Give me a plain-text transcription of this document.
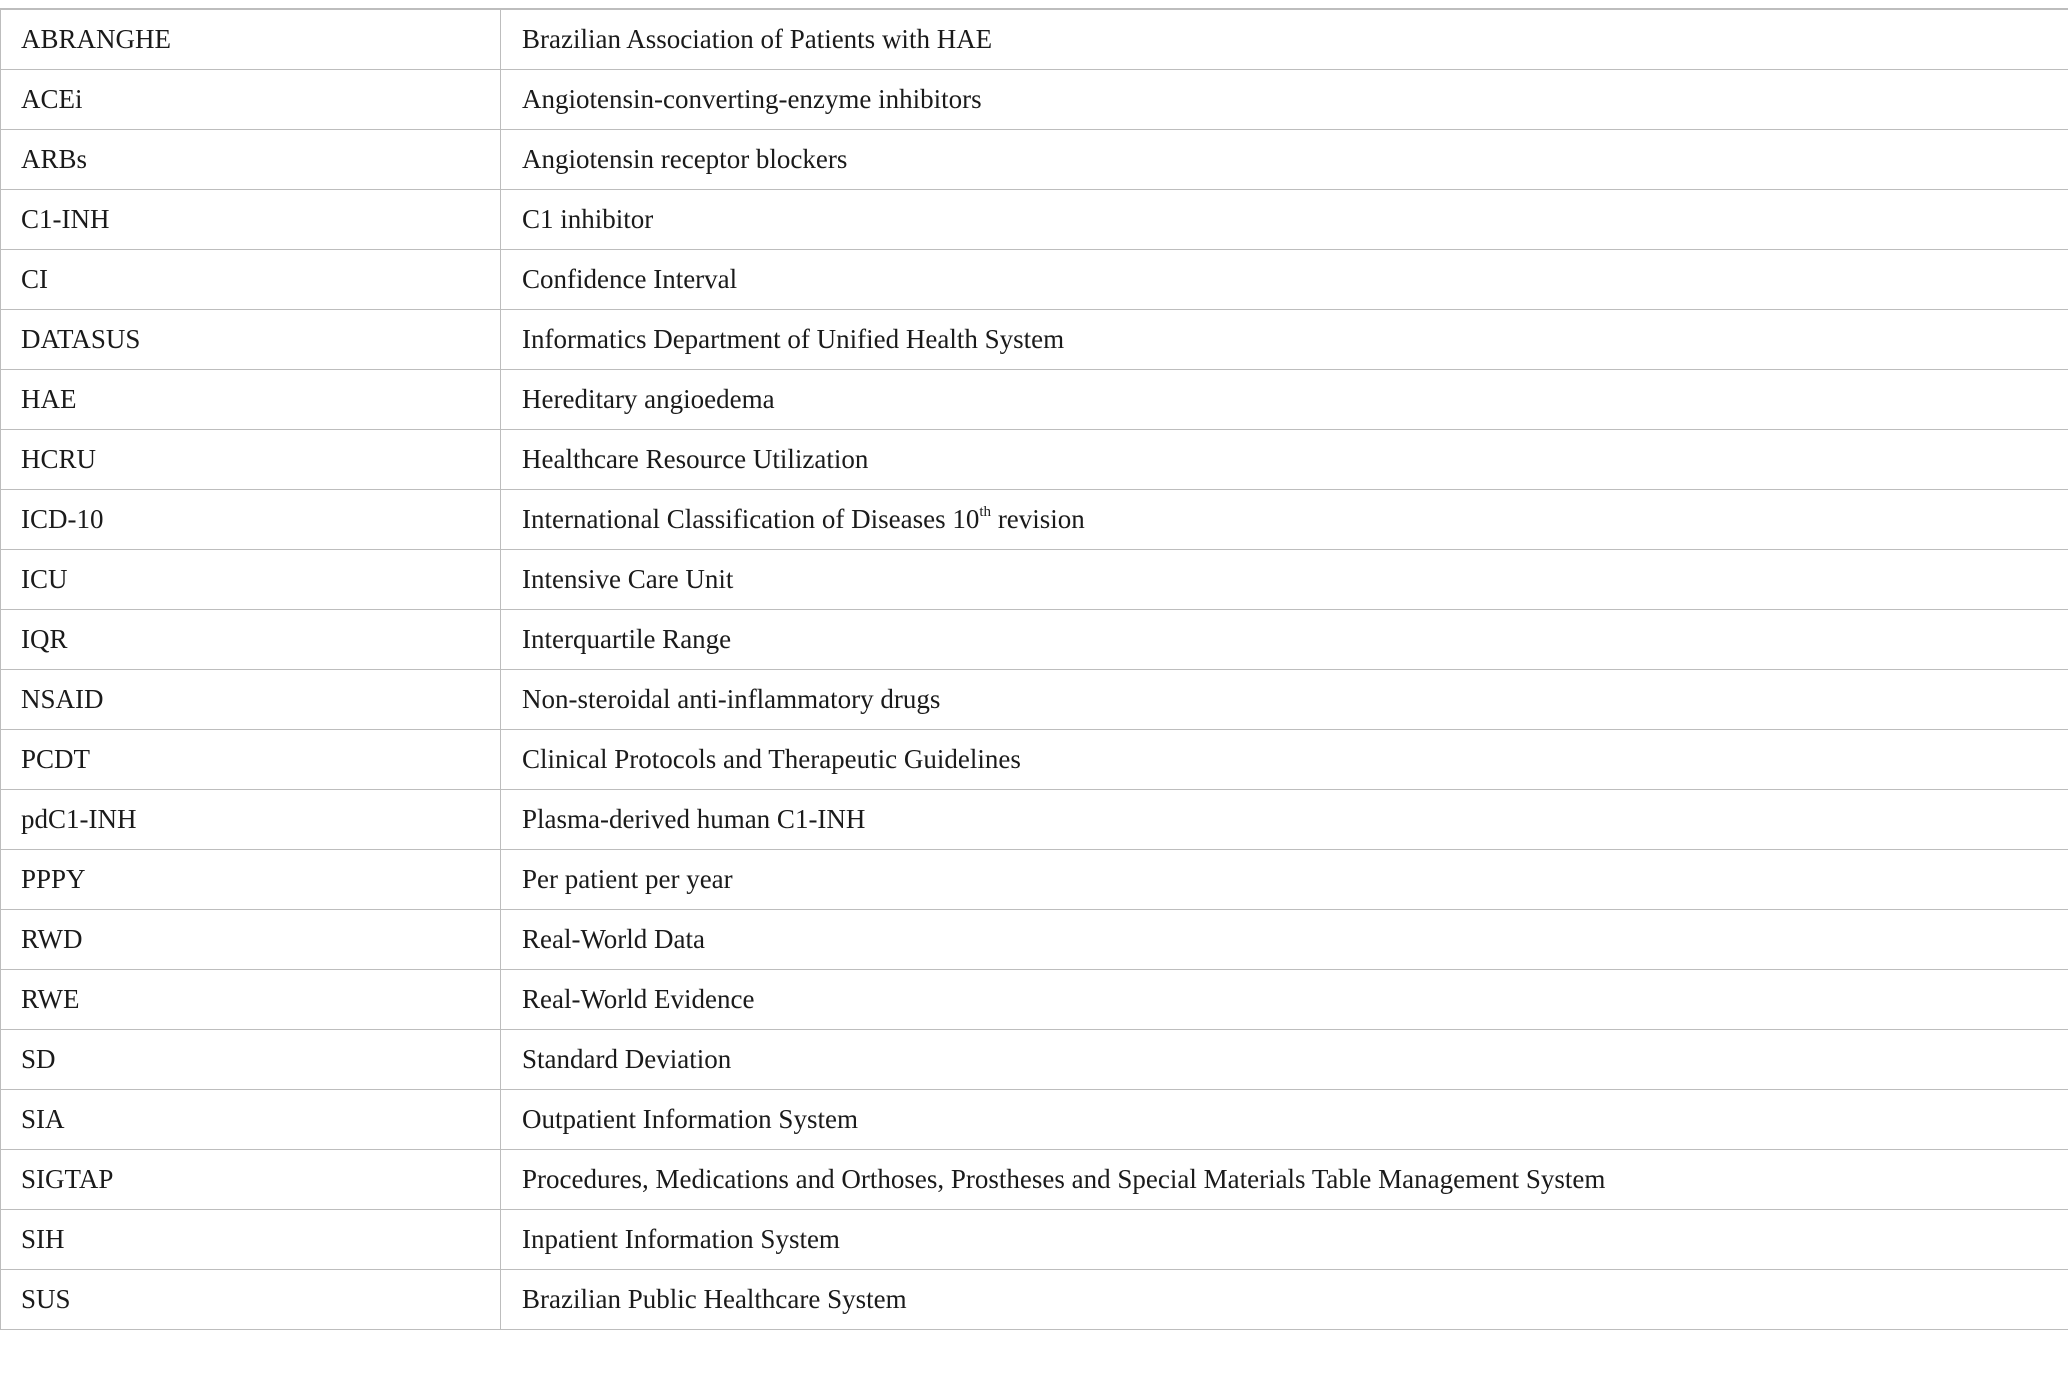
ABRANGHE	Brazilian Association of Patients with HAE
ACEi	Angiotensin-converting-enzyme inhibitors
ARBs	Angiotensin receptor blockers
C1-INH	C1 inhibitor
CI	Confidence Interval
DATASUS	Informatics Department of Unified Health System
HAE	Hereditary angioedema
HCRU	Healthcare Resource Utilization
ICD-10	International Classification of Diseases 10th revision
ICU	Intensive Care Unit
IQR	Interquartile Range
NSAID	Non-steroidal anti-inflammatory drugs
PCDT	Clinical Protocols and Therapeutic Guidelines
pdC1-INH	Plasma-derived human C1-INH
PPPY	Per patient per year
RWD	Real-World Data
RWE	Real-World Evidence
SD	Standard Deviation
SIA	Outpatient Information System
SIGTAP	Procedures, Medications and Orthoses, Prostheses and Special Materials Table Management System
SIH	Inpatient Information System
SUS	Brazilian Public Healthcare System
